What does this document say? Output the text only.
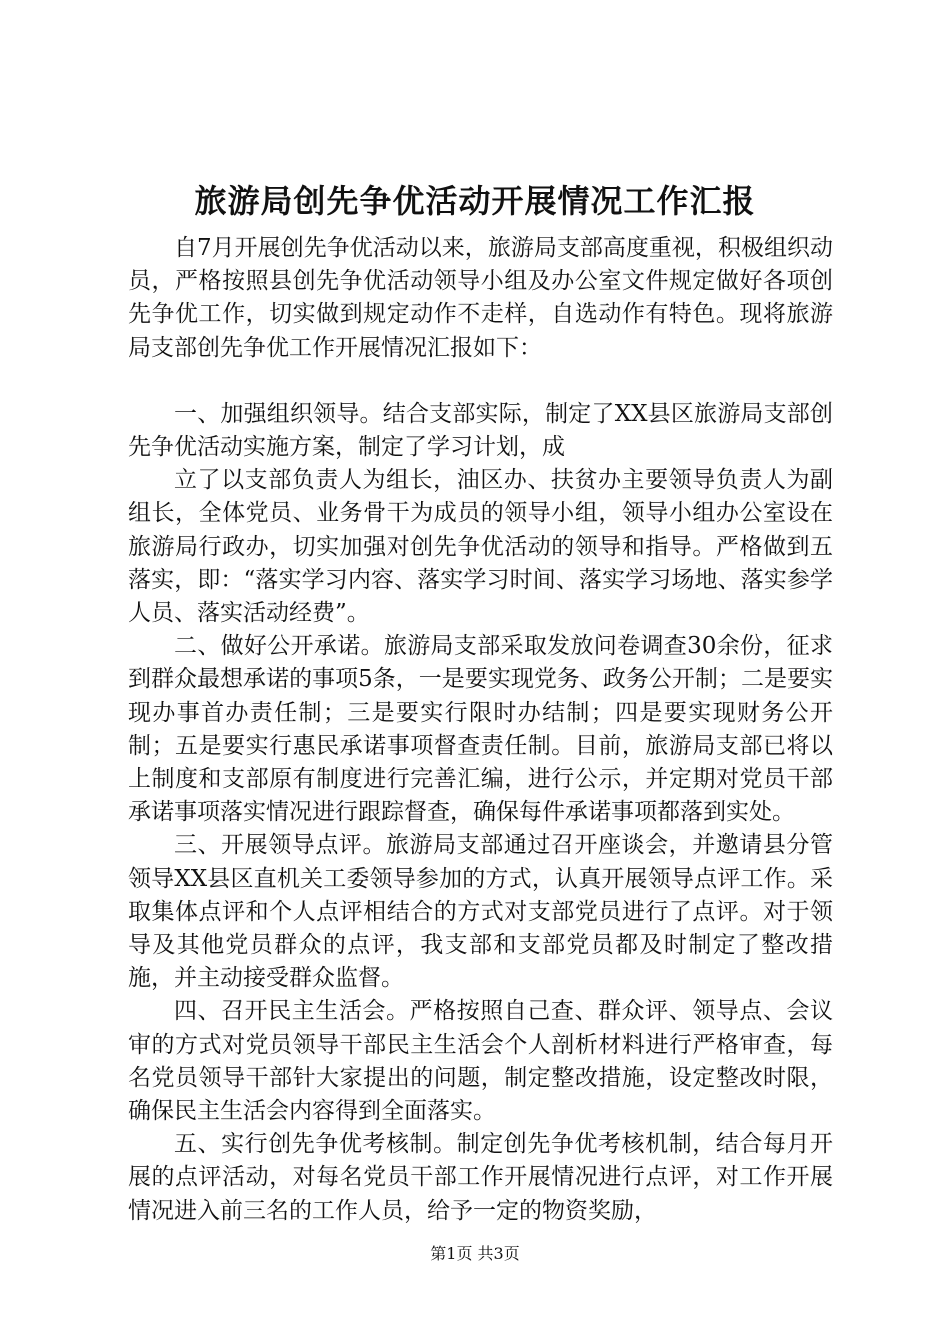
旅游局创先争优活动开展情况工作汇报

自7月开展创先争优活动以来，旅游局支部高度重视，积极组织动员，严格按照县创先争优活动领导小组及办公室文件规定做好各项创先争优工作，切实做到规定动作不走样，自选动作有特色。现将旅游局支部创先争优工作开展情况汇报如下：

一、加强组织领导。结合支部实际，制定了XX县区旅游局支部创先争优活动实施方案，制定了学习计划，成

立了以支部负责人为组长，油区办、扶贫办主要领导负责人为副组长，全体党员、业务骨干为成员的领导小组，领导小组办公室设在旅游局行政办，切实加强对创先争优活动的领导和指导。严格做到五落实，即：“落实学习内容、落实学习时间、落实学习场地、落实参学人员、落实活动经费”。

二、做好公开承诺。旅游局支部采取发放问卷调查30余份，征求到群众最想承诺的事项5条，一是要实现党务、政务公开制；二是要实现办事首办责任制；三是要实行限时办结制；四是要实现财务公开制；五是要实行惠民承诺事项督查责任制。目前，旅游局支部已将以上制度和支部原有制度进行完善汇编，进行公示，并定期对党员干部承诺事项落实情况进行跟踪督查，确保每件承诺事项都落到实处。

三、开展领导点评。旅游局支部通过召开座谈会，并邀请县分管领导XX县区直机关工委领导参加的方式，认真开展领导点评工作。采取集体点评和个人点评相结合的方式对支部党员进行了点评。对于领导及其他党员群众的点评，我支部和支部党员都及时制定了整改措施，并主动接受群众监督。

四、召开民主生活会。严格按照自己查、群众评、领导点、会议审的方式对党员领导干部民主生活会个人剖析材料进行严格审查，每名党员领导干部针大家提出的问题，制定整改措施，设定整改时限，确保民主生活会内容得到全面落实。

五、实行创先争优考核制。制定创先争优考核机制，结合每月开展的点评活动，对每名党员干部工作开展情况进行点评，对工作开展情况进入前三名的工作人员，给予一定的物资奖励，

第1页 共3页
